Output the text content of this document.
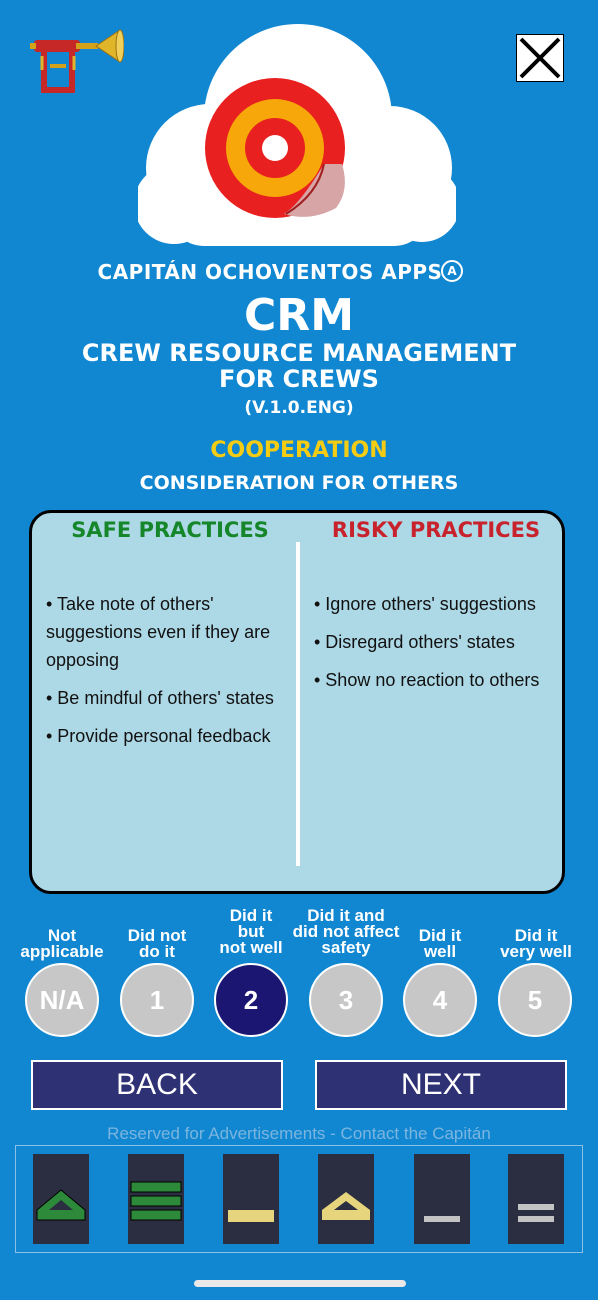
CAPITÁN OCHOVIENTOS APPS A
CRM
CREW RESOURCE MANAGEMENT
FOR CREWS
(V.1.0.ENG)
COOPERATION
CONSIDERATION FOR OTHERS
SAFE PRACTICES	RISKY PRACTICES
• Take note of others' suggestions even if they are opposing
• Be mindful of others' states
• Provide personal feedback
• Ignore others' suggestions
• Disregard others' states
• Show no reaction to others
Not
applicable
Did not
do it
Did it
but
not well
Did it and
did not affect
safety
Did it
well
Did it
very well
N/A	1	2	3	4	5
BACK	NEXT
Reserved for Advertisements - Contact the Capitán
